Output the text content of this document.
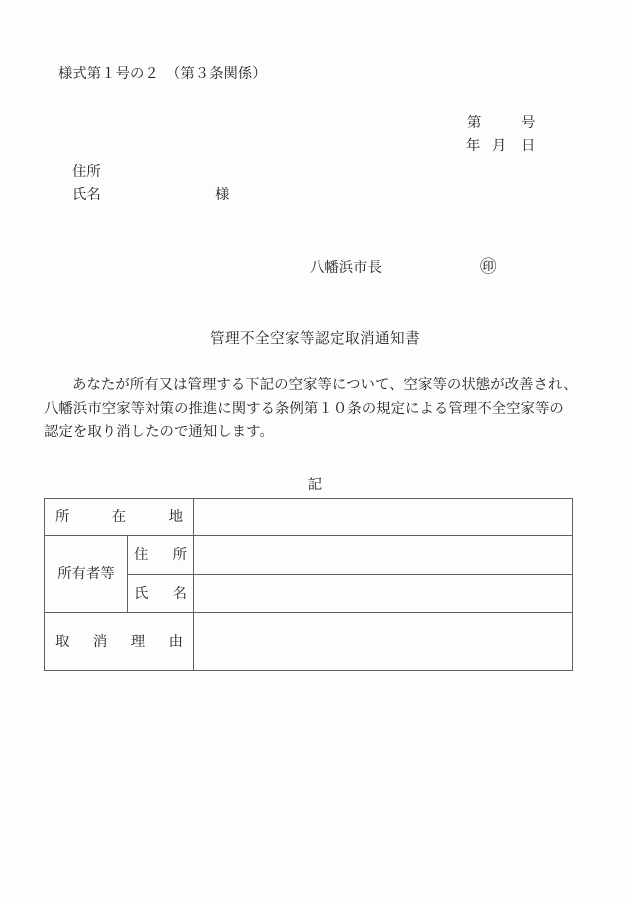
様式第１号の２　（第３条関係）
第	号
年 月 日
住所
氏名	様
八幡浜市長	㊞
管理不全空家等認定取消通知書
あなたが所有又は管理する下記の空家等について、空家等の状態が改善され、
八幡浜市空家等対策の推進に関する条例第１０条の規定による管理不全空家等の
認定を取り消したので通知します。
記
所 在 地		

所有者等	住 所	

	氏 名	

取 消 理 由		
